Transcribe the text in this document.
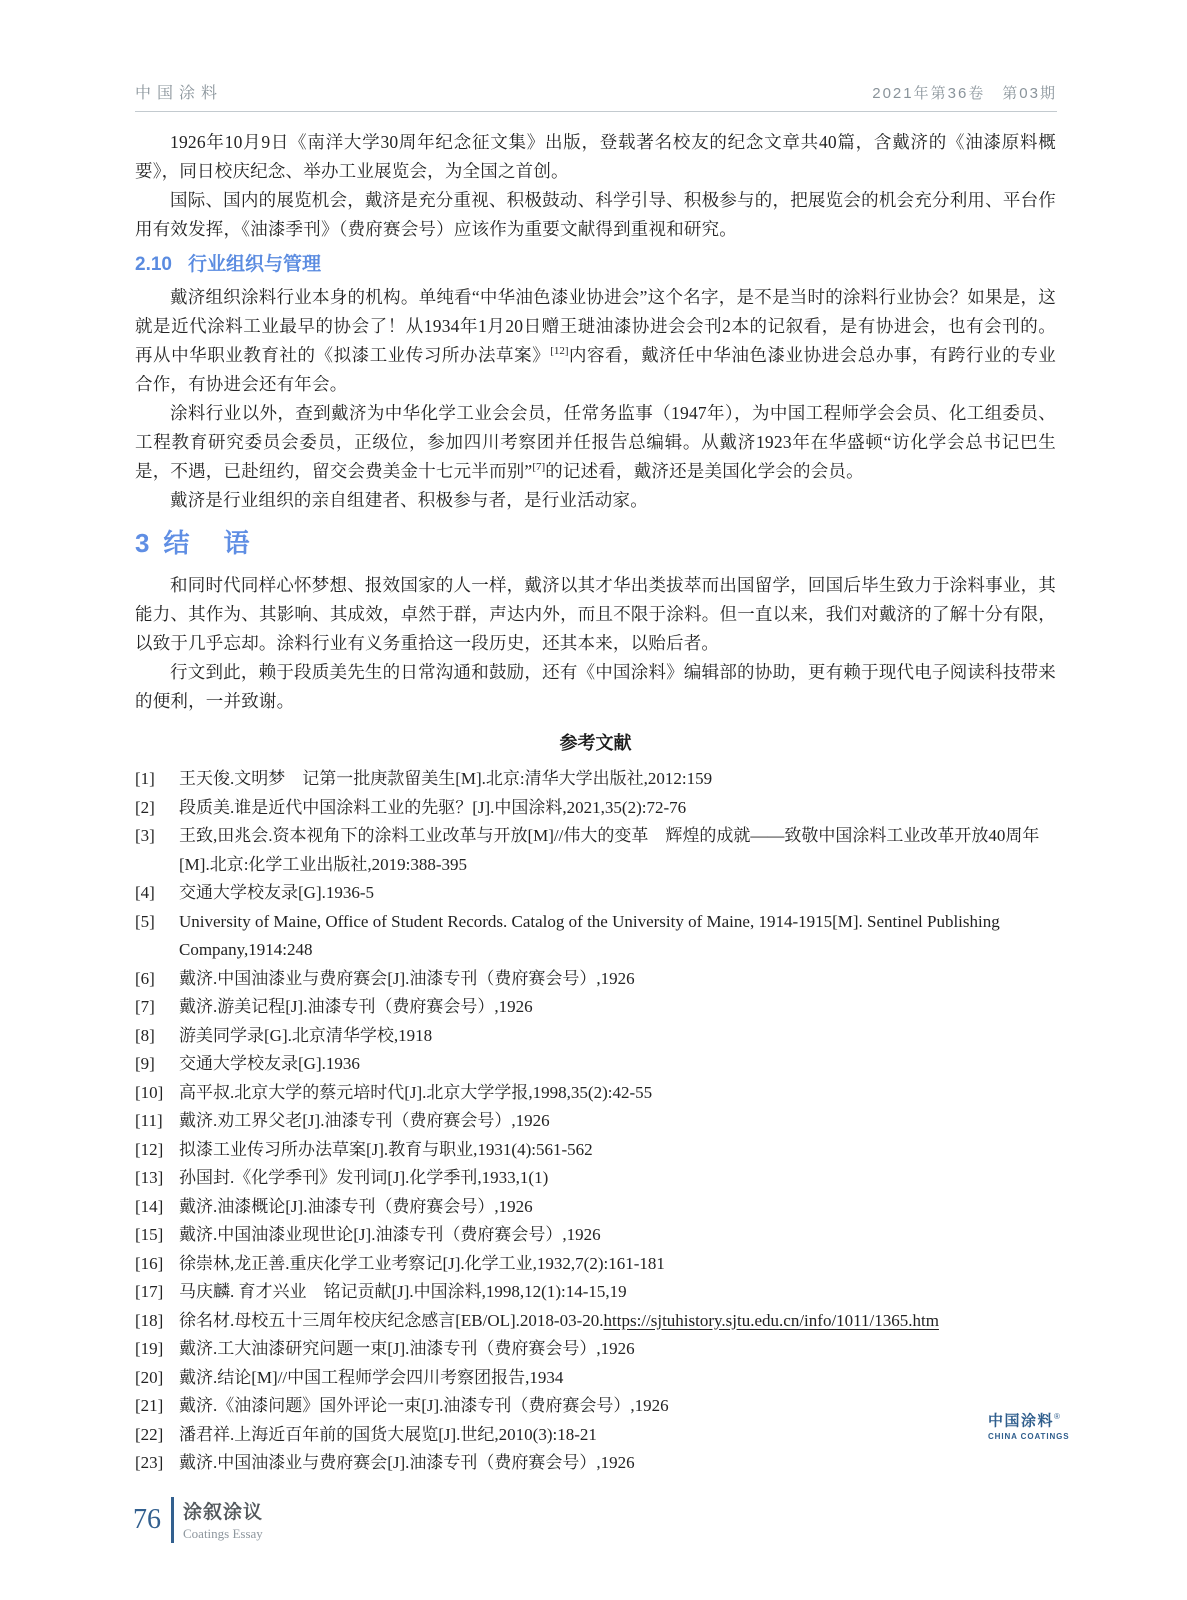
中国涂料	2021年第36卷　第03期

1926年10月9日《南洋大学30周年纪念征文集》出版，登载著名校友的纪念文章共40篇，含戴济的《油漆原料概要》，同日校庆纪念、举办工业展览会，为全国之首创。

国际、国内的展览机会，戴济是充分重视、积极鼓动、科学引导、积极参与的，把展览会的机会充分利用、平台作用有效发挥，《油漆季刊》（费府赛会号）应该作为重要文献得到重视和研究。

2.10 行业组织与管理

戴济组织涂料行业本身的机构。单纯看“中华油色漆业协进会”这个名字，是不是当时的涂料行业协会？如果是，这就是近代涂料工业最早的协会了！从1934年1月20日赠王琎油漆协进会会刊2本的记叙看，是有协进会，也有会刊的。再从中华职业教育社的《拟漆工业传习所办法草案》[12]内容看，戴济任中华油色漆业协进会总办事，有跨行业的专业合作，有协进会还有年会。

涂料行业以外，查到戴济为中华化学工业会会员，任常务监事（1947年），为中国工程师学会会员、化工组委员、工程教育研究委员会委员，正级位，参加四川考察团并任报告总编辑。从戴济1923年在华盛顿“访化学会总书记巴生是，不遇，已赴纽约，留交会费美金十七元半而别”[7]的记述看，戴济还是美国化学会的会员。

戴济是行业组织的亲自组建者、积极参与者，是行业活动家。

3 结　语

和同时代同样心怀梦想、报效国家的人一样，戴济以其才华出类拔萃而出国留学，回国后毕生致力于涂料事业，其能力、其作为、其影响、其成效，卓然于群，声达内外，而且不限于涂料。但一直以来，我们对戴济的了解十分有限，以致于几乎忘却。涂料行业有义务重拾这一段历史，还其本来，以贻后者。

行文到此，赖于段质美先生的日常沟通和鼓励，还有《中国涂料》编辑部的协助，更有赖于现代电子阅读科技带来的便利，一并致谢。

参考文献
[1]	王天俊.文明梦　记第一批庚款留美生[M].北京:清华大学出版社,2012:159
[2]	段质美.谁是近代中国涂料工业的先驱？[J].中国涂料,2021,35(2):72-76
[3]	王致,田兆会.资本视角下的涂料工业改革与开放[M]//伟大的变革　辉煌的成就——致敬中国涂料工业改革开放40周年[M].北京:化学工业出版社,2019:388-395
[4]	交通大学校友录[G].1936-5
[5]	University of Maine, Office of Student Records. Catalog of the University of Maine, 1914-1915[M]. Sentinel Publishing Company,1914:248
[6]	戴济.中国油漆业与费府赛会[J].油漆专刊（费府赛会号）,1926
[7]	戴济.游美记程[J].油漆专刊（费府赛会号）,1926
[8]	游美同学录[G].北京清华学校,1918
[9]	交通大学校友录[G].1936
[10] 高平叔.北京大学的蔡元培时代[J].北京大学学报,1998,35(2):42-55
[11] 戴济.劝工界父老[J].油漆专刊（费府赛会号）,1926
[12] 拟漆工业传习所办法草案[J].教育与职业,1931(4):561-562
[13] 孙国封.《化学季刊》发刊词[J].化学季刊,1933,1(1)
[14] 戴济.油漆概论[J].油漆专刊（费府赛会号）,1926
[15] 戴济.中国油漆业现世论[J].油漆专刊（费府赛会号）,1926
[16] 徐崇林,龙正善.重庆化学工业考察记[J].化学工业,1932,7(2):161-181
[17] 马庆麟. 育才兴业　铭记贡献[J].中国涂料,1998,12(1):14-15,19
[18] 徐名材.母校五十三周年校庆纪念感言[EB/OL].2018-03-20.https://sjtuhistory.sjtu.edu.cn/info/1011/1365.htm
[19] 戴济.工大油漆研究问题一束[J].油漆专刊（费府赛会号）,1926
[20] 戴济.结论[M]//中国工程师学会四川考察团报告,1934
[21] 戴济.《油漆问题》国外评论一束[J].油漆专刊（费府赛会号）,1926
[22] 潘君祥.上海近百年前的国货大展览[J].世纪,2010(3):18-21
[23] 戴济.中国油漆业与费府赛会[J].油漆专刊（费府赛会号）,1926
中国涂料®
CHINA COATINGS
76 涂叙涂议
Coatings Essay
